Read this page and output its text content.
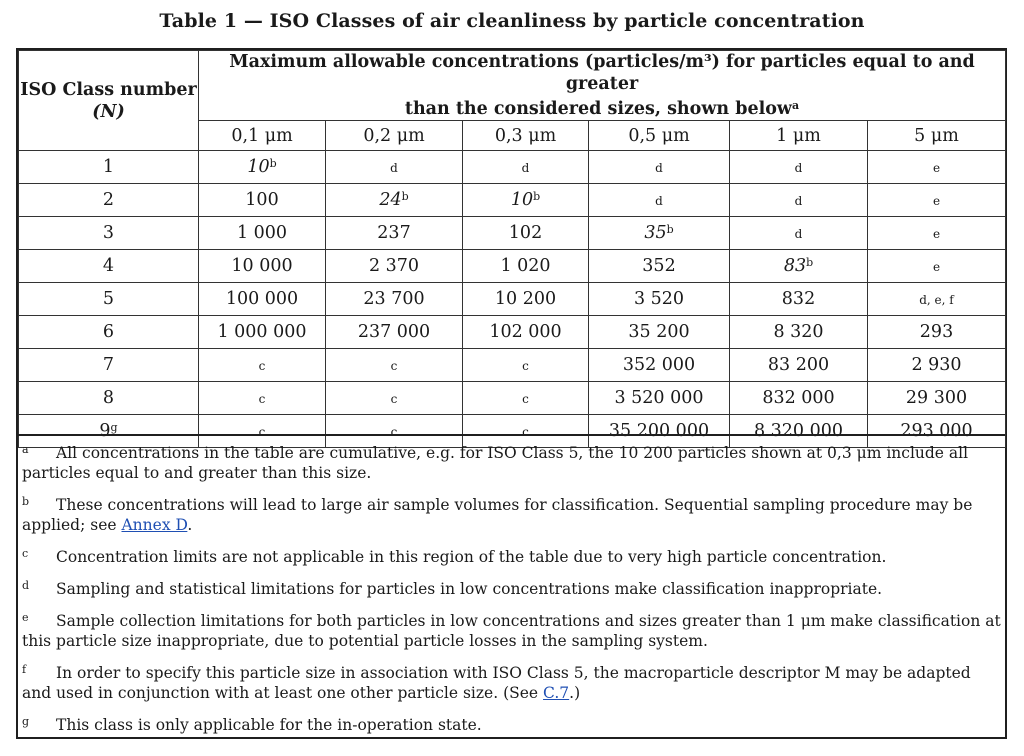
Table 1 — ISO Classes of air cleanliness by particle concentration
ISO Class number
(N)	Maximum allowable concentrations (particles/m³) for particles equal to and greater
than the considered sizes, shown below$^a$
	0,1 μm	0,2 μm	0,3 μm	0,5 μm	1 μm	5 μm
1	10$^b$	d	d	d	d	e
2	100	24$^b$	10$^b$	d	d	e
3	1 000	237	102	35$^b$	d	e
4	10 000	2 370	1 020	352	83$^b$	e
5	100 000	23 700	10 200	3 520	832	d, e, f
6	1 000 000	237 000	102 000	35 200	8 320	293
7	c	c	c	352 000	83 200	2 930
8	c	c	c	3 520 000	832 000	29 300
9$^g$	c	c	c	35 200 000	8 320 000	293 000
a All concentrations in the table are cumulative, e.g. for ISO Class 5, the 10 200 particles shown at 0,3 μm include all particles equal to and greater than this size.
b These concentrations will lead to large air sample volumes for classification. Sequential sampling procedure may be applied; see Annex D.
c Concentration limits are not applicable in this region of the table due to very high particle concentration.
d Sampling and statistical limitations for particles in low concentrations make classification inappropriate.
e Sample collection limitations for both particles in low concentrations and sizes greater than 1 μm make classification at this particle size inappropriate, due to potential particle losses in the sampling system.
f In order to specify this particle size in association with ISO Class 5, the macroparticle descriptor M may be adapted and used in conjunction with at least one other particle size. (See C.7.)
g This class is only applicable for the in-operation state.
